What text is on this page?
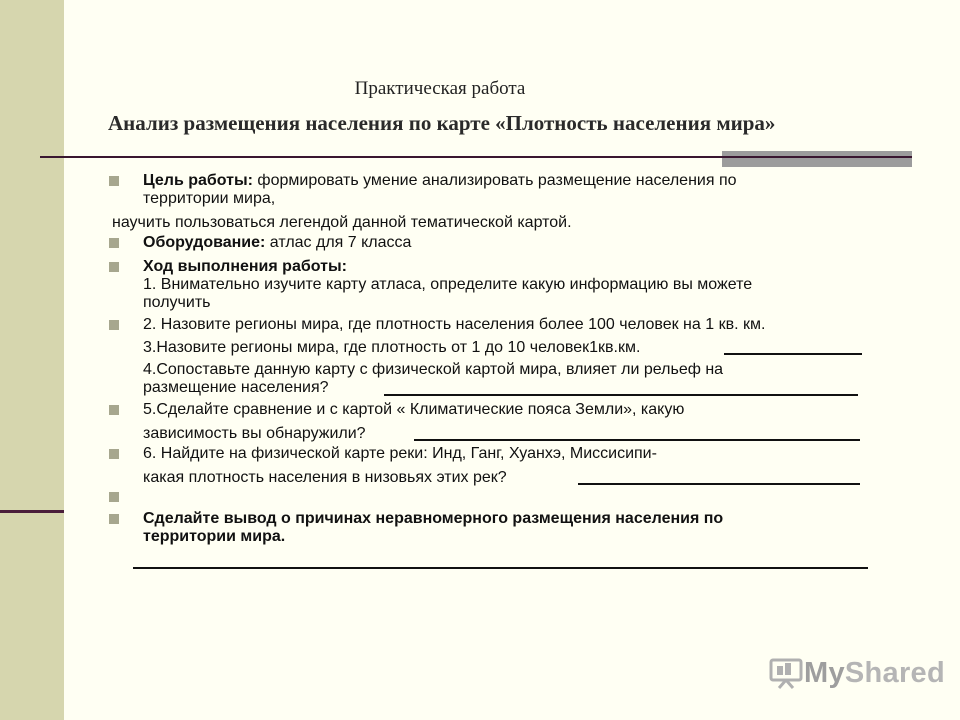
Практическая работа
Анализ размещения населения по карте «Плотность населения мира»
Цель работы: формировать умение анализировать размещение населения по
территории мира,
научить пользоваться легендой данной тематической картой.
Оборудование: атлас для 7 класса
Ход выполнения работы:
1. Внимательно изучите карту атласа, определите какую информацию вы можете
получить
2. Назовите регионы мира, где плотность населения более 100 человек на 1 кв. км.
3.Назовите регионы мира, где плотность от 1 до 10 человек1кв.км.
4.Сопоставьте данную карту с физической картой мира, влияет ли рельеф на
размещение населения?
5.Сделайте сравнение и с картой « Климатические пояса Земли», какую
зависимость вы обнаружили?
6. Найдите на физической карте реки: Инд, Ганг, Хуанхэ, Миссисипи-
какая плотность населения в низовьях этих рек?
Сделайте вывод о причинах неравномерного размещения населения по
территории мира.
MyShared
